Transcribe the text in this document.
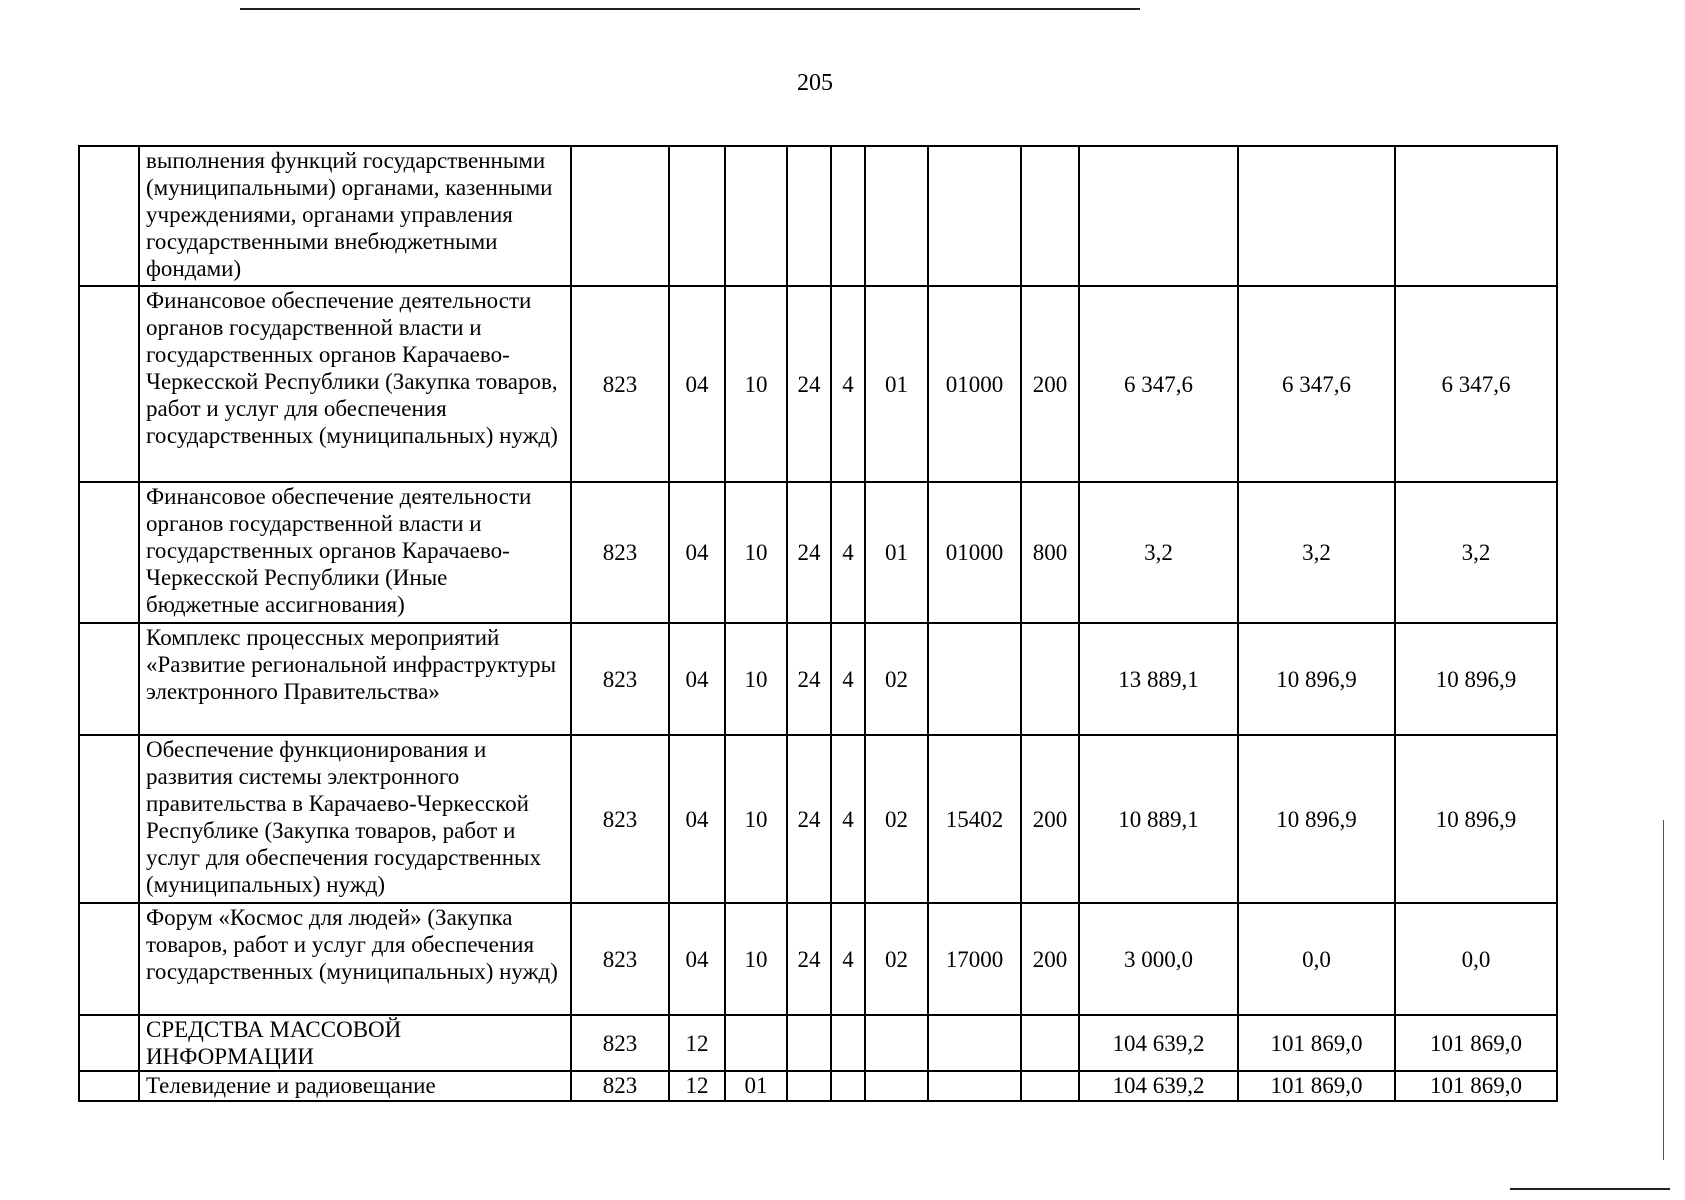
205
	выполнения функций государственными (муниципальными) органами, казенными учреждениями, органами управления государственными внебюджетными фондами)											
	Финансовое обеспечение деятельности органов государственной власти и государственных органов Карачаево-Черкесской Республики (Закупка товаров, работ и услуг для обеспечения государственных (муниципальных) нужд)	823	04	10	24	4	01	01000	200	6 347,6	6 347,6	6 347,6
	Финансовое обеспечение деятельности органов государственной власти и государственных органов Карачаево-Черкесской Республики (Иные бюджетные ассигнования)	823	04	10	24	4	01	01000	800	3,2	3,2	3,2
	Комплекс процессных мероприятий «Развитие региональной инфраструктуры электронного Правительства»	823	04	10	24	4	02			13 889,1	10 896,9	10 896,9
	Обеспечение функционирования и развития системы электронного правительства в Карачаево-Черкесской Республике (Закупка товаров, работ и услуг для обеспечения государственных (муниципальных) нужд)	823	04	10	24	4	02	15402	200	10 889,1	10 896,9	10 896,9
	Форум «Космос для людей» (Закупка товаров, работ и услуг для обеспечения государственных (муниципальных) нужд)	823	04	10	24	4	02	17000	200	3 000,0	0,0	0,0
	СРЕДСТВА МАССОВОЙ ИНФОРМАЦИИ	823	12							104 639,2	101 869,0	101 869,0
	Телевидение и радиовещание	823	12	01						104 639,2	101 869,0	101 869,0
